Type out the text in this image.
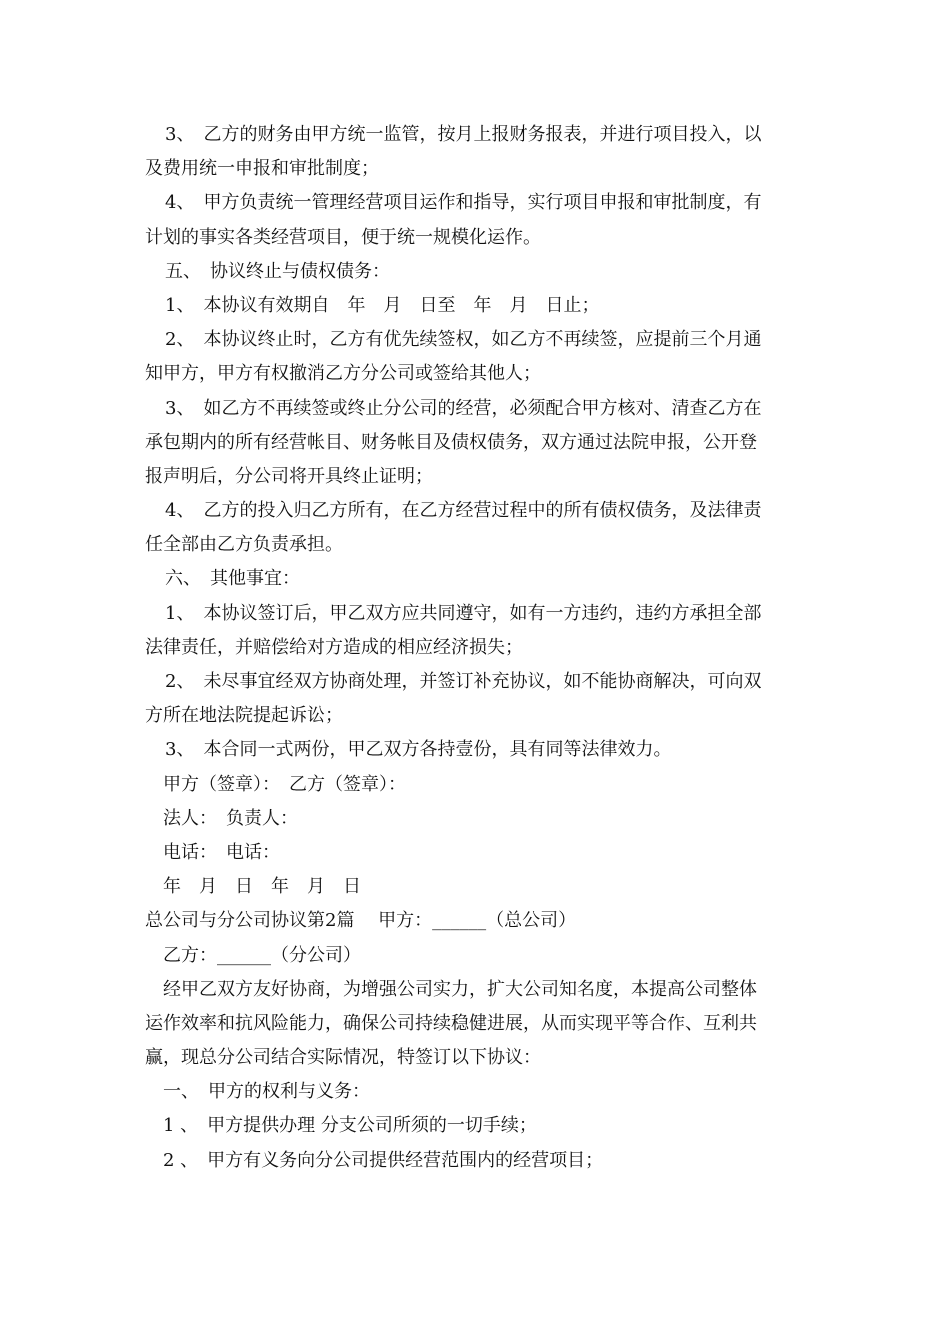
3、　乙方的财务由甲方统一监管，按月上报财务报表，并进行项目投入，以
及费用统一申报和审批制度；
4、　甲方负责统一管理经营项目运作和指导，实行项目申报和审批制度，有
计划的事实各类经营项目，便于统一规模化运作。
五、　协议终止与债权债务：
1、　本协议有效期自　年　月　日至　年　月　日止；
2、　本协议终止时，乙方有优先续签权，如乙方不再续签，应提前三个月通
知甲方，甲方有权撤消乙方分公司或签给其他人；
3、　如乙方不再续签或终止分公司的经营，必须配合甲方核对、清查乙方在
承包期内的所有经营帐目、财务帐目及债权债务，双方通过法院申报，公开登
报声明后，分公司将开具终止证明；
4、　乙方的投入归乙方所有，在乙方经营过程中的所有债权债务，及法律责
任全部由乙方负责承担。
六、　其他事宜：
1、　本协议签订后，甲乙双方应共同遵守，如有一方违约，违约方承担全部
法律责任，并赔偿给对方造成的相应经济损失；
2、　未尽事宜经双方协商处理，并签订补充协议，如不能协商解决，可向双
方所在地法院提起诉讼；
3、　本合同一式两份，甲乙双方各持壹份，具有同等法律效力。
甲方（签章）：　乙方（签章）：
法人：　负责人：
电话：　电话：
年　月　日　年　月　日
总公司与分公司协议第2篇　 甲方：______（总公司）
乙方：______（分公司）
经甲乙双方友好协商，为增强公司实力，扩大公司知名度，本提高公司整体
运作效率和抗风险能力，确保公司持续稳健进展，从而实现平等合作、互利共
赢，现总分公司结合实际情况，特签订以下协议：
一、　甲方的权利与义务：
1 、　甲方提供办理 分支公司所须的一切手续；
2 、　甲方有义务向分公司提供经营范围内的经营项目；
